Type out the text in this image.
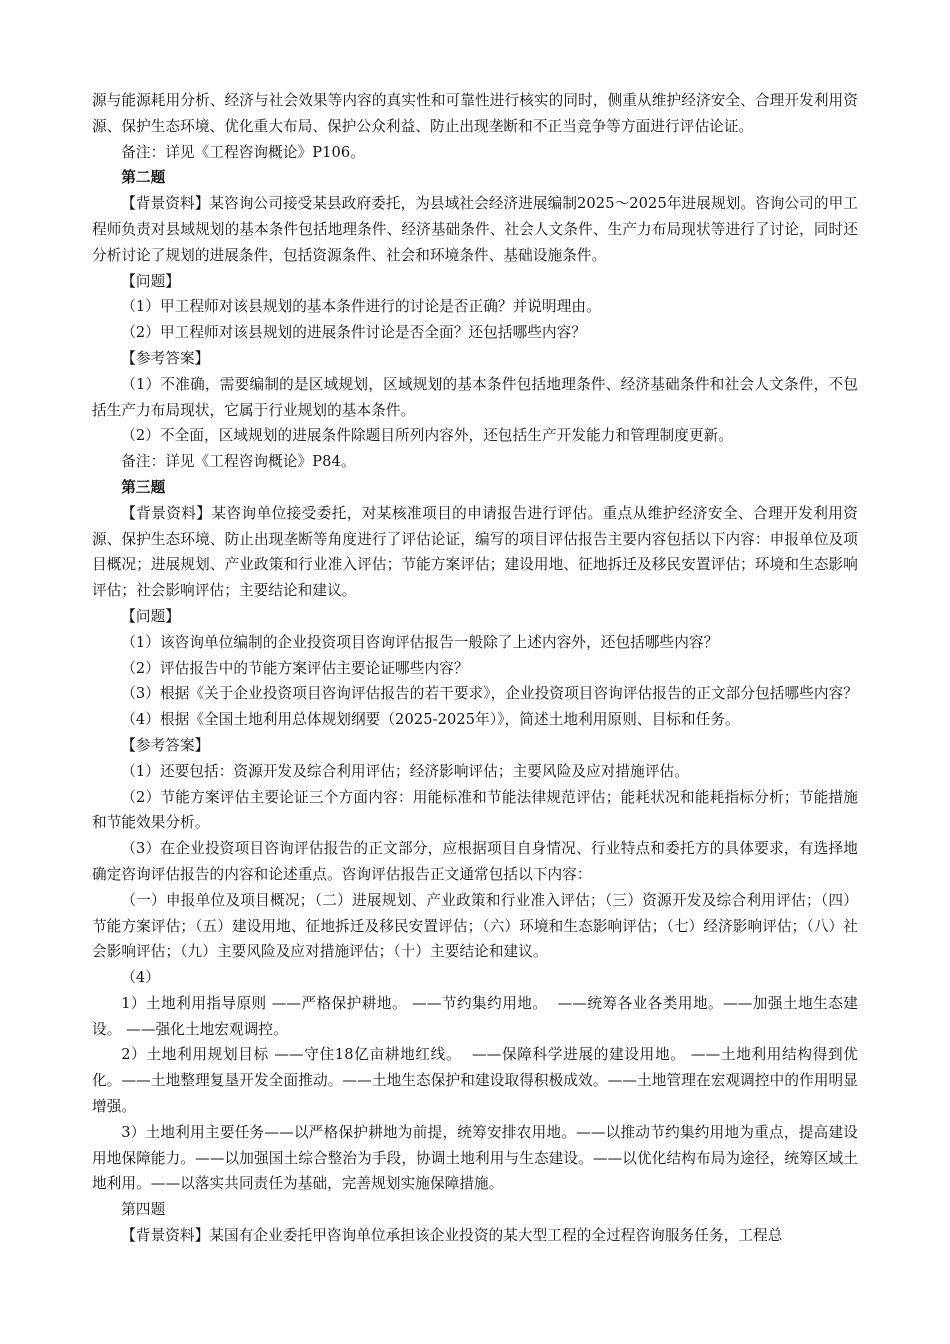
源与能源耗用分析、经济与社会效果等内容的真实性和可靠性进行核实的同时，侧重从维护经济安全、合理开发利用资源、保护生态环境、优化重大布局、保护公众利益、防止出现垄断和不正当竞争等方面进行评估论证。

备注：详见《工程咨询概论》P106。

第二题

【背景资料】某咨询公司接受某县政府委托，为县域社会经济进展编制2025～2025年进展规划。咨询公司的甲工程师负责对县域规划的基本条件包括地理条件、经济基础条件、社会人文条件、生产力布局现状等进行了讨论，同时还分析讨论了规划的进展条件，包括资源条件、社会和环境条件、基础设施条件。

【问题】

（1）甲工程师对该县规划的基本条件进行的讨论是否正确？并说明理由。

（2）甲工程师对该县规划的进展条件讨论是否全面？还包括哪些内容？

【参考答案】

（1）不准确，需要编制的是区域规划，区域规划的基本条件包括地理条件、经济基础条件和社会人文条件，不包括生产力布局现状，它属于行业规划的基本条件。

（2）不全面，区域规划的进展条件除题目所列内容外，还包括生产开发能力和管理制度更新。

备注：详见《工程咨询概论》P84。

第三题

【背景资料】某咨询单位接受委托，对某核准项目的申请报告进行评估。重点从维护经济安全、合理开发利用资源、保护生态环境、防止出现垄断等角度进行了评估论证，编写的项目评估报告主要内容包括以下内容：申报单位及项目概况；进展规划、产业政策和行业准入评估；节能方案评估；建设用地、征地拆迁及移民安置评估；环境和生态影响评估；社会影响评估；主要结论和建议。

【问题】

（1）该咨询单位编制的企业投资项目咨询评估报告一般除了上述内容外，还包括哪些内容？

（2）评估报告中的节能方案评估主要论证哪些内容？

（3）根据《关于企业投资项目咨询评估报告的若干要求》，企业投资项目咨询评估报告的正文部分包括哪些内容？

（4）根据《全国土地利用总体规划纲要（2025-2025年）》，简述土地利用原则、目标和任务。

【参考答案】

（1）还要包括：资源开发及综合利用评估；经济影响评估；主要风险及应对措施评估。

（2）节能方案评估主要论证三个方面内容：用能标准和节能法律规范评估；能耗状况和能耗指标分析；节能措施和节能效果分析。

（3）在企业投资项目咨询评估报告的正文部分，应根据项目自身情况、行业特点和委托方的具体要求，有选择地确定咨询评估报告的内容和论述重点。咨询评估报告正文通常包括以下内容：

（一）申报单位及项目概况；（二）进展规划、产业政策和行业准入评估；（三）资源开发及综合利用评估；（四）节能方案评估；（五）建设用地、征地拆迁及移民安置评估；（六）环境和生态影响评估；（七）经济影响评估；（八）社会影响评估；（九）主要风险及应对措施评估；（十）主要结论和建议。

（4）

1）土地利用指导原则 ——严格保护耕地。 ——节约集约用地。  ——统筹各业各类用地。——加强土地生态建设。 ——强化土地宏观调控。

2）土地利用规划目标 ——守住18亿亩耕地红线。  ——保障科学进展的建设用地。 ——土地利用结构得到优化。——土地整理复垦开发全面推动。——土地生态保护和建设取得积极成效。——土地管理在宏观调控中的作用明显增强。

3）土地利用主要任务——以严格保护耕地为前提，统筹安排农用地。——以推动节约集约用地为重点，提高建设用地保障能力。——以加强国土综合整治为手段，协调土地利用与生态建设。——以优化结构布局为途径，统筹区域土地利用。——以落实共同责任为基础，完善规划实施保障措施。

第四题

【背景资料】某国有企业委托甲咨询单位承担该企业投资的某大型工程的全过程咨询服务任务，工程总
